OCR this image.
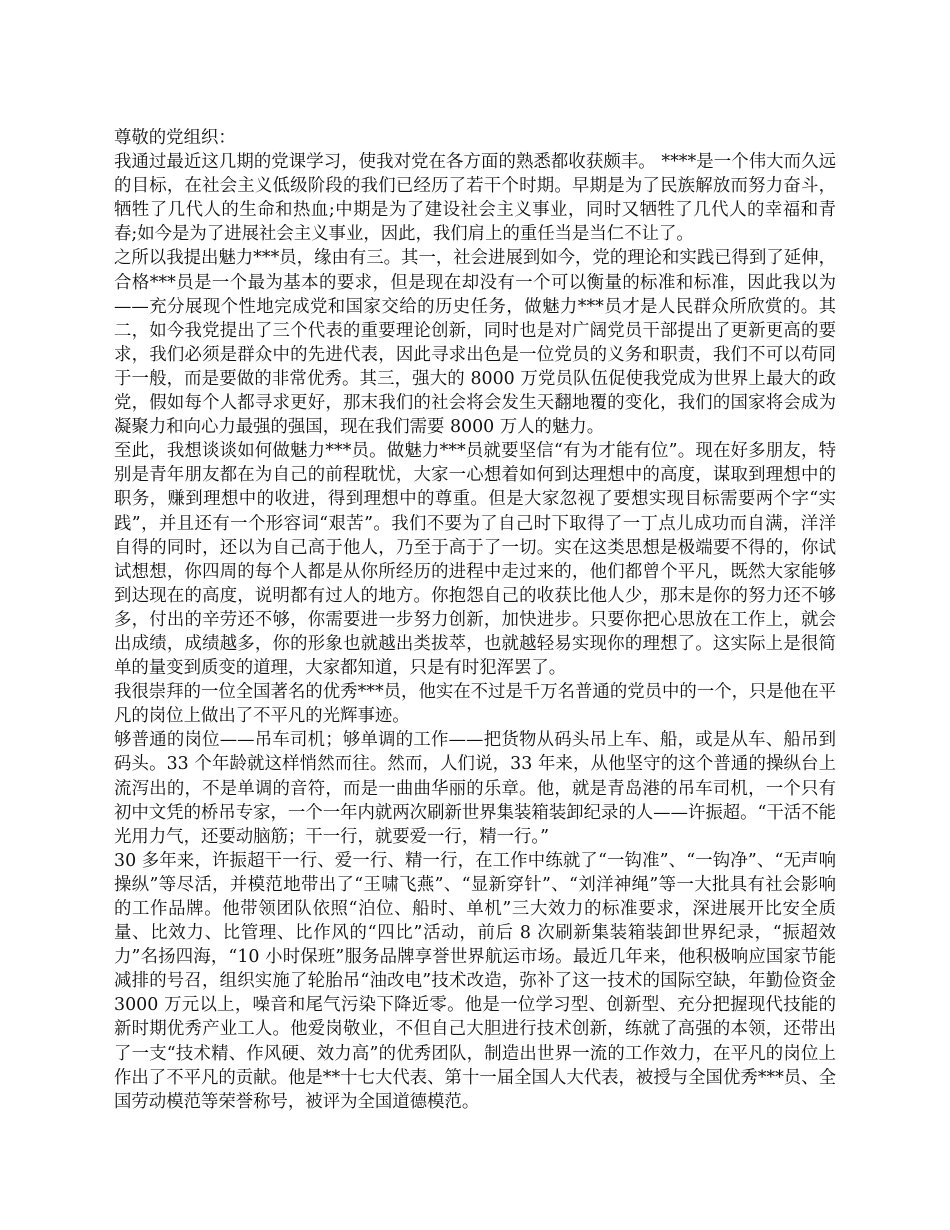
尊敬的党组织：

我通过最近这几期的党课学习，使我对党在各方面的熟悉都收获颇丰。 ****是一个伟大而久远的目标，在社会主义低级阶段的我们已经历了若干个时期。早期是为了民族解放而努力奋斗，牺牲了几代人的生命和热血;中期是为了建设社会主义事业，同时又牺牲了几代人的幸福和青春;如今是为了进展社会主义事业，因此，我们肩上的重任当是当仁不让了。

之所以我提出魅力***员，缘由有三。其一，社会进展到如今，党的理论和实践已得到了延伸，合格***员是一个最为基本的要求，但是现在却没有一个可以衡量的标准和标准，因此我以为——充分展现个性地完成党和国家交给的历史任务，做魅力***员才是人民群众所欣赏的。其二，如今我党提出了三个代表的重要理论创新，同时也是对广阔党员干部提出了更新更高的要求，我们必须是群众中的先进代表，因此寻求出色是一位党员的义务和职责，我们不可以苟同于一般，而是要做的非常优秀。其三，强大的 8000 万党员队伍促使我党成为世界上最大的政党，假如每个人都寻求更好，那末我们的社会将会发生天翻地覆的变化，我们的国家将会成为凝聚力和向心力最强的强国，现在我们需要 8000 万人的魅力。

至此，我想谈谈如何做魅力***员。做魅力***员就要坚信“有为才能有位”。现在好多朋友，特别是青年朋友都在为自己的前程耽忧，大家一心想着如何到达理想中的高度，谋取到理想中的职务，赚到理想中的收进，得到理想中的尊重。但是大家忽视了要想实现目标需要两个字“实践”，并且还有一个形容词“艰苦”。我们不要为了自己时下取得了一丁点儿成功而自满，洋洋自得的同时，还以为自己高于他人，乃至于高于了一切。实在这类思想是极端要不得的，你试试想想，你四周的每个人都是从你所经历的进程中走过来的，他们都曾个平凡，既然大家能够到达现在的高度，说明都有过人的地方。你抱怨自己的收获比他人少，那末是你的努力还不够多，付出的辛劳还不够，你需要进一步努力创新，加快进步。只要你把心思放在工作上，就会出成绩，成绩越多，你的形象也就越出类拔萃，也就越轻易实现你的理想了。这实际上是很简单的量变到质变的道理，大家都知道，只是有时犯浑罢了。

我很崇拜的一位全国著名的优秀***员，他实在不过是千万名普通的党员中的一个，只是他在平凡的岗位上做出了不平凡的光辉事迹。

够普通的岗位——吊车司机；够单调的工作——把货物从码头吊上车、船，或是从车、船吊到码头。33 个年龄就这样悄然而往。然而，人们说，33 年来，从他坚守的这个普通的操纵台上流泻出的，不是单调的音符，而是一曲曲华丽的乐章。他，就是青岛港的吊车司机，一个只有初中文凭的桥吊专家，一个一年内就两次刷新世界集装箱装卸纪录的人——许振超。“干活不能光用力气，还要动脑筋；干一行，就要爱一行，精一行。”

30 多年来，许振超干一行、爱一行、精一行，在工作中练就了“一钩准”、“一钩净”、“无声响操纵”等尽活，并模范地带出了“王啸飞燕”、“显新穿针”、“刘洋神绳”等一大批具有社会影响的工作品牌。他带领团队依照“泊位、船时、单机”三大效力的标准要求，深进展开比安全质量、比效力、比管理、比作风的“四比”活动，前后 8 次刷新集装箱装卸世界纪录，“振超效力”名扬四海，“10 小时保班”服务品牌享誉世界航运市场。最近几年来，他积极响应国家节能减排的号召，组织实施了轮胎吊“油改电”技术改造，弥补了这一技术的国际空缺，年勤俭资金 3000 万元以上，噪音和尾气污染下降近零。他是一位学习型、创新型、充分把握现代技能的新时期优秀产业工人。他爱岗敬业，不但自己大胆进行技术创新，练就了高强的本领，还带出了一支“技术精、作风硬、效力高”的优秀团队，制造出世界一流的工作效力，在平凡的岗位上作出了不平凡的贡献。他是**十七大代表、第十一届全国人大代表，被授与全国优秀***员、全国劳动模范等荣誉称号，被评为全国道德模范。
